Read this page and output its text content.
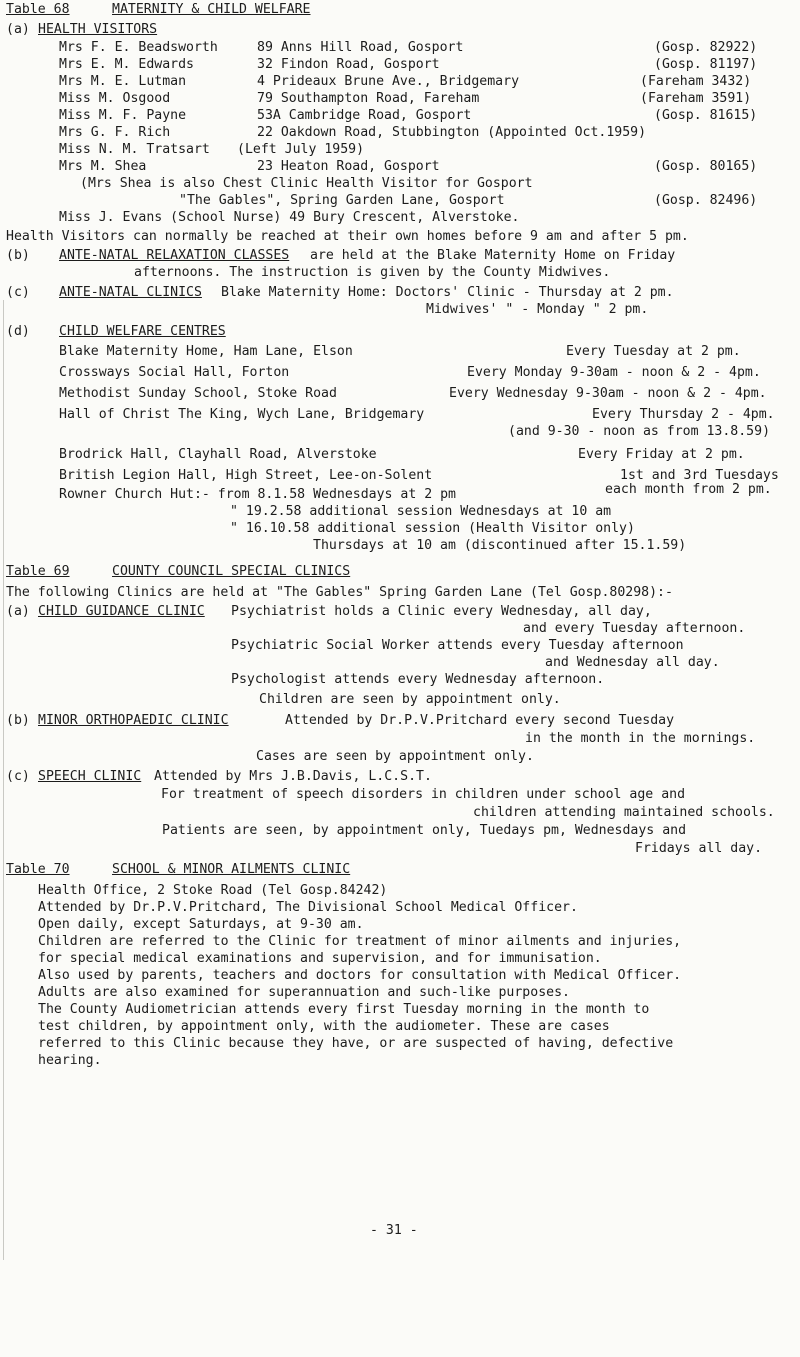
Table 68	MATERNITY & CHILD WELFARE
(a) HEALTH VISITORS
Mrs F. E. Beadsworth	89 Anns Hill Road, Gosport	(Gosp. 82922)
Mrs E. M. Edwards	32 Findon Road, Gosport	(Gosp. 81197)
Mrs M. E. Lutman	4 Prideaux Brune Ave., Bridgemary	(Fareham 3432)
Miss M. Osgood	79 Southampton Road, Fareham	(Fareham 3591)
Miss M. F. Payne	53A Cambridge Road, Gosport	(Gosp. 81615)
Mrs G. F. Rich	22 Oakdown Road, Stubbington (Appointed Oct.1959)
Miss N. M. Tratsart (Left July 1959)
Mrs M. Shea	23 Heaton Road, Gosport	(Gosp. 80165)
(Mrs Shea is also Chest Clinic Health Visitor for Gosport
"The Gables", Spring Garden Lane, Gosport	(Gosp. 82496)
Miss J. Evans (School Nurse) 49 Bury Crescent, Alverstoke.
Health Visitors can normally be reached at their own homes before 9 am and after 5 pm.
(b) ANTE-NATAL RELAXATION CLASSES are held at the Blake Maternity Home on Friday
afternoons. The instruction is given by the County Midwives.
(c) ANTE-NATAL CLINICS Blake Maternity Home: Doctors' Clinic - Thursday at 2 pm.
Midwives' " - Monday " 2 pm.
(d) CHILD WELFARE CENTRES
Blake Maternity Home, Ham Lane, Elson	Every Tuesday at 2 pm.
Crossways Social Hall, Forton	Every Monday 9-30am - noon & 2 - 4pm.
Methodist Sunday School, Stoke Road	Every Wednesday 9-30am - noon & 2 - 4pm.
Hall of Christ The King, Wych Lane, Bridgemary	Every Thursday 2 - 4pm.
(and 9-30 - noon as from 13.8.59)
Brodrick Hall, Clayhall Road, Alverstoke	Every Friday at 2 pm.
British Legion Hall, High Street, Lee-on-Solent	1st and 3rd Tuesdays
each month from 2 pm.
Rowner Church Hut:- from 8.1.58 Wednesdays at 2 pm
" 19.2.58 additional session Wednesdays at 10 am
" 16.10.58 additional session (Health Visitor only)
Thursdays at 10 am (discontinued after 15.1.59)
Table 69	COUNTY COUNCIL SPECIAL CLINICS
The following Clinics are held at "The Gables" Spring Garden Lane (Tel Gosp.80298):-
(a) CHILD GUIDANCE CLINIC Psychiatrist holds a Clinic every Wednesday, all day,
and every Tuesday afternoon.
Psychiatric Social Worker attends every Tuesday afternoon
and Wednesday all day.
Psychologist attends every Wednesday afternoon.
Children are seen by appointment only.
(b) MINOR ORTHOPAEDIC CLINIC	Attended by Dr.P.V.Pritchard every second Tuesday
in the month in the mornings.
Cases are seen by appointment only.
(c) SPEECH CLINIC Attended by Mrs J.B.Davis, L.C.S.T.
For treatment of speech disorders in children under school age and
children attending maintained schools.
Patients are seen, by appointment only, Tuedays pm, Wednesdays and
Fridays all day.
Table 70	SCHOOL & MINOR AILMENTS CLINIC
Health Office, 2 Stoke Road (Tel Gosp.84242)
Attended by Dr.P.V.Pritchard, The Divisional School Medical Officer.
Open daily, except Saturdays, at 9-30 am.
Children are referred to the Clinic for treatment of minor ailments and injuries,
for special medical examinations and supervision, and for immunisation.
Also used by parents, teachers and doctors for consultation with Medical Officer.
Adults are also examined for superannuation and such-like purposes.
The County Audiometrician attends every first Tuesday morning in the month to
test children, by appointment only, with the audiometer. These are cases
referred to this Clinic because they have, or are suspected of having, defective
hearing.
- 31 -
